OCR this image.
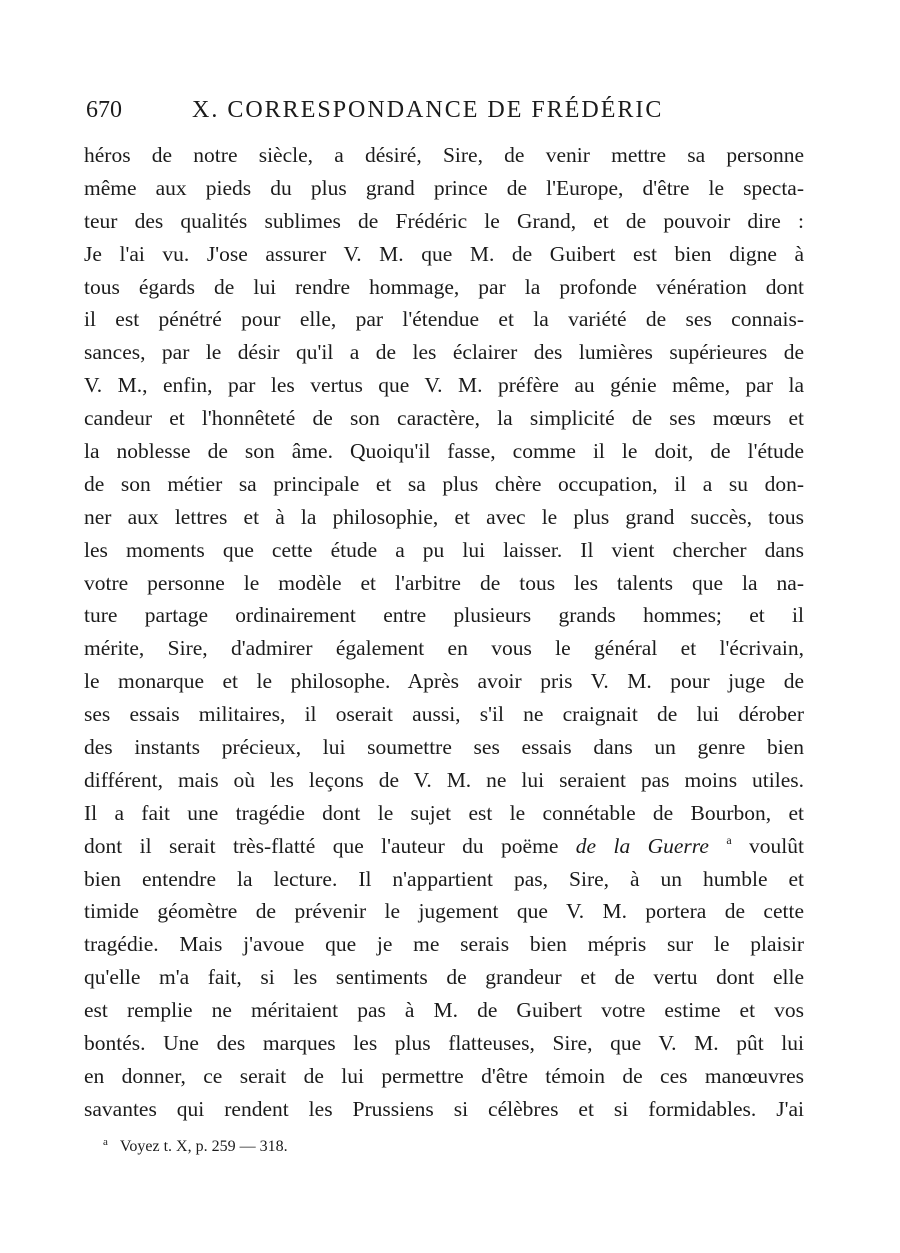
670	X. CORRESPONDANCE DE FRÉDÉRIC
héros de notre siècle, a désiré, Sire, de venir mettre sa personne
même aux pieds du plus grand prince de l'Europe, d'être le specta-
teur des qualités sublimes de Frédéric le Grand, et de pouvoir dire :
Je l'ai vu. J'ose assurer V. M. que M. de Guibert est bien digne à
tous égards de lui rendre hommage, par la profonde vénération dont
il est pénétré pour elle, par l'étendue et la variété de ses connais-
sances, par le désir qu'il a de les éclairer des lumières supérieures de
V. M., enfin, par les vertus que V. M. préfère au génie même, par la
candeur et l'honnêteté de son caractère, la simplicité de ses mœurs et
la noblesse de son âme. Quoiqu'il fasse, comme il le doit, de l'étude
de son métier sa principale et sa plus chère occupation, il a su don-
ner aux lettres et à la philosophie, et avec le plus grand succès, tous
les moments que cette étude a pu lui laisser. Il vient chercher dans
votre personne le modèle et l'arbitre de tous les talents que la na-
ture partage ordinairement entre plusieurs grands hommes; et il
mérite, Sire, d'admirer également en vous le général et l'écrivain,
le monarque et le philosophe. Après avoir pris V. M. pour juge de
ses essais militaires, il oserait aussi, s'il ne craignait de lui dérober
des instants précieux, lui soumettre ses essais dans un genre bien
différent, mais où les leçons de V. M. ne lui seraient pas moins utiles.
Il a fait une tragédie dont le sujet est le connétable de Bourbon, et
dont il serait très-flatté que l'auteur du poëme de la Guerre $^a$ voulût
bien entendre la lecture. Il n'appartient pas, Sire, à un humble et
timide géomètre de prévenir le jugement que V. M. portera de cette
tragédie. Mais j'avoue que je me serais bien mépris sur le plaisir
qu'elle m'a fait, si les sentiments de grandeur et de vertu dont elle
est remplie ne méritaient pas à M. de Guibert votre estime et vos
bontés. Une des marques les plus flatteuses, Sire, que V. M. pût lui
en donner, ce serait de lui permettre d'être témoin de ces manœuvres
savantes qui rendent les Prussiens si célèbres et si formidables. J'ai
$^a$ Voyez t. X, p. 259 — 318.
